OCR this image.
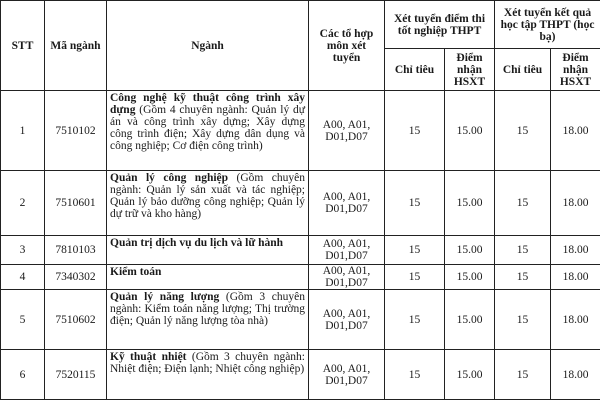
STT	Mã ngành	Ngành	Các tổ hợp môn xét tuyển	Xét tuyển điểm thi tốt nghiệp THPT		Xét tuyển kết quả học tập THPT (học bạ)	
				Chỉ tiêu	Điểm nhận HSXT	Chỉ tiêu	Điểm nhận HSXT
1	7510102	Công nghệ kỹ thuật công trình xây dựng (Gồm 4 chuyên ngành: Quản lý dự án và công trình xây dựng; Xây dựng công trình điện; Xây dựng dân dụng và công nghiệp; Cơ điện công trình)	A00, A01, D01,D07	15	15.00	15	18.00
2	7510601	Quản lý công nghiệp (Gồm chuyên ngành: Quản lý sản xuất và tác nghiệp; Quản lý bảo dưỡng công nghiệp; Quản lý dự trữ và kho hàng)	A00, A01, D01,D07	15	15.00	15	18.00
3	7810103	Quản trị dịch vụ du lịch và lữ hành	A00, A01, D01,D07	15	15.00	15	18.00
4	7340302	Kiểm toán	A00, A01, D01,D07	15	15.00	15	18.00
5	7510602	Quản lý năng lượng (Gồm 3 chuyên ngành: Kiểm toán năng lượng; Thị trường điện; Quản lý năng lượng tòa nhà)	A00, A01, D01,D07	15	15.00	15	18.00
6	7520115	Kỹ thuật nhiệt (Gồm 3 chuyên ngành: Nhiệt điện; Điện lạnh; Nhiệt công nghiệp)	A00, A01, D01,D07	15	15.00	15	18.00
